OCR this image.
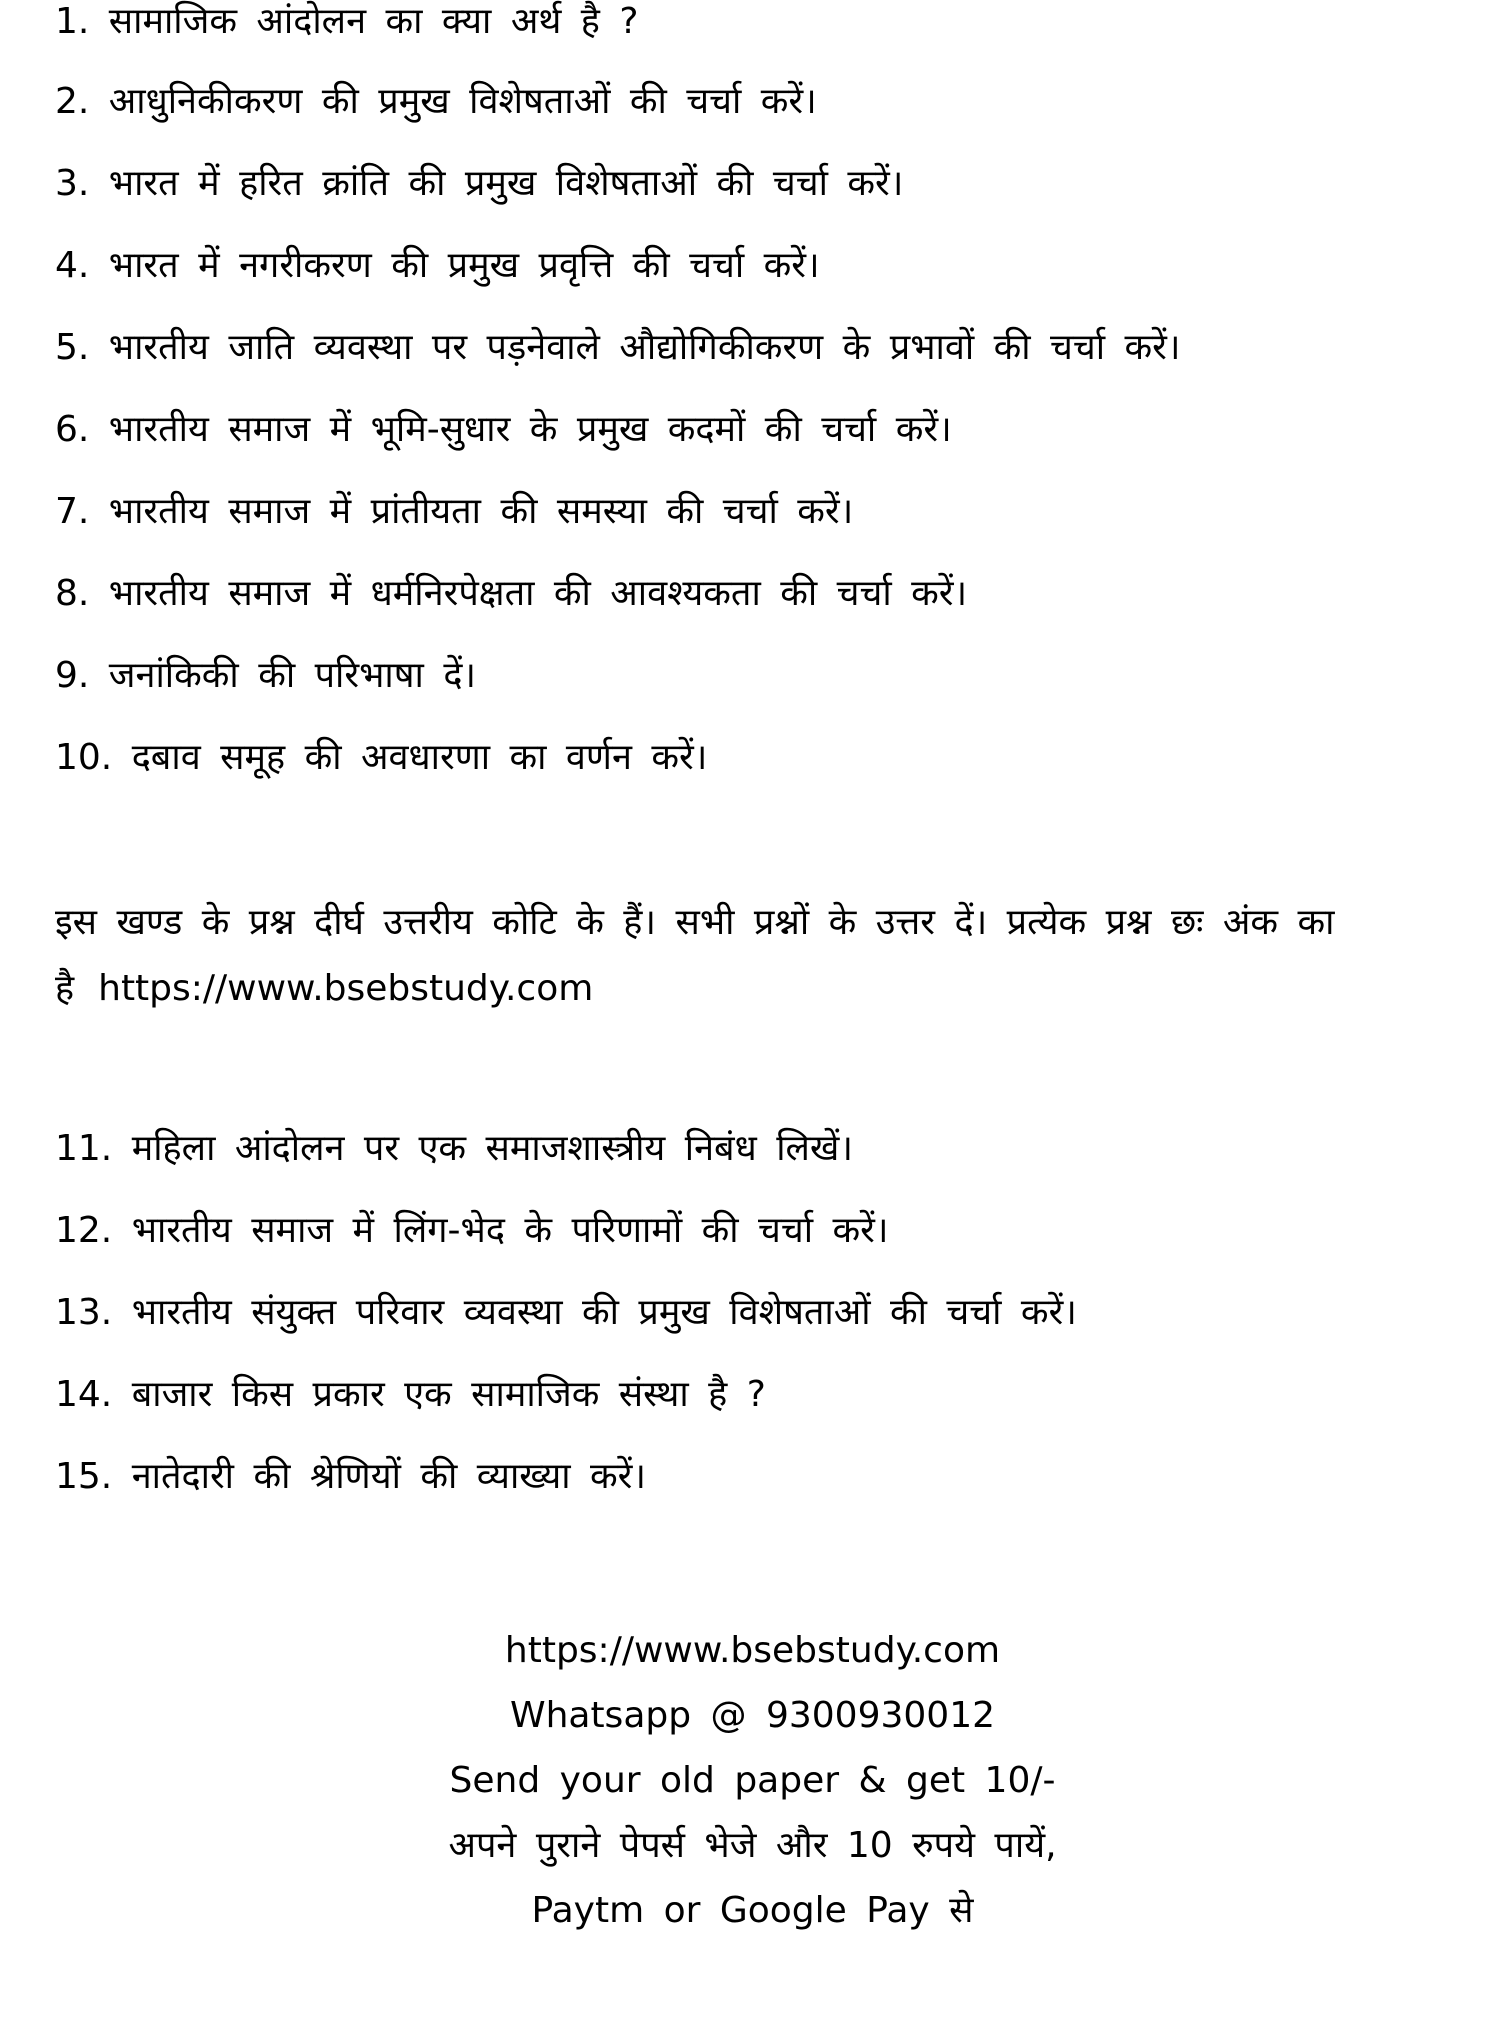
1. सामाजिक आंदोलन का क्या अर्थ है ?
2. आधुनिकीकरण की प्रमुख विशेषताओं की चर्चा करें।
3. भारत में हरित क्रांति की प्रमुख विशेषताओं की चर्चा करें।
4. भारत में नगरीकरण की प्रमुख प्रवृत्ति की चर्चा करें।
5. भारतीय जाति व्यवस्था पर पड़नेवाले औद्योगिकीकरण के प्रभावों की चर्चा करें।
6. भारतीय समाज में भूमि-सुधार के प्रमुख कदमों की चर्चा करें।
7. भारतीय समाज में प्रांतीयता की समस्या की चर्चा करें।
8. भारतीय समाज में धर्मनिरपेक्षता की आवश्यकता की चर्चा करें।
9. जनांकिकी की परिभाषा दें।
10. दबाव समूह की अवधारणा का वर्णन करें।
इस खण्ड के प्रश्न दीर्घ उत्तरीय कोटि के हैं। सभी प्रश्नों के उत्तर दें। प्रत्येक प्रश्न छः अंक का है https://www.bsebstudy.com
11. महिला आंदोलन पर एक समाजशास्त्रीय निबंध लिखें।
12. भारतीय समाज में लिंग-भेद के परिणामों की चर्चा करें।
13. भारतीय संयुक्त परिवार व्यवस्था की प्रमुख विशेषताओं की चर्चा करें।
14. बाजार किस प्रकार एक सामाजिक संस्था है ?
15. नातेदारी की श्रेणियों की व्याख्या करें।
https://www.bsebstudy.com
Whatsapp @ 9300930012
Send your old paper & get 10/-
अपने पुराने पेपर्स भेजे और 10 रुपये पायें,
Paytm or Google Pay से
